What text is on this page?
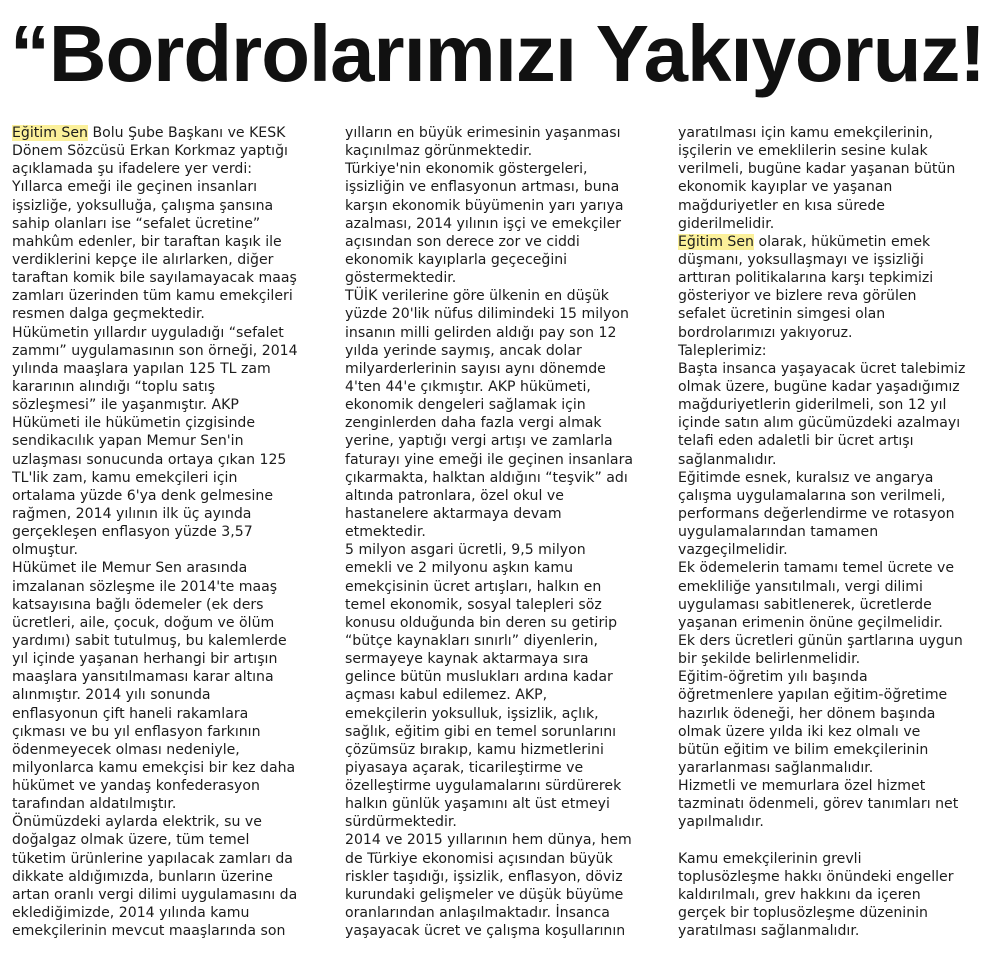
“Bordrolarımızı Yakıyoruz!
Eğitim Sen Bolu Şube Başkanı ve KESK
Dönem Sözcüsü Erkan Korkmaz yaptığı
açıklamada şu ifadelere yer verdi:
Yıllarca emeği ile geçinen insanları
işsizliğe, yoksulluğa, çalışma şansına
sahip olanları ise “sefalet ücretine”
mahkûm edenler, bir taraftan kaşık ile
verdiklerini kepçe ile alırlarken, diğer
taraftan komik bile sayılamayacak maaş
zamları üzerinden tüm kamu emekçileri
resmen dalga geçmektedir.
Hükümetin yıllardır uyguladığı “sefalet
zammı” uygulamasının son örneği, 2014
yılında maaşlara yapılan 125 TL zam
kararının alındığı “toplu satış
sözleşmesi” ile yaşanmıştır. AKP
Hükümeti ile hükümetin çizgisinde
sendikacılık yapan Memur Sen'in
uzlaşması sonucunda ortaya çıkan 125
TL'lik zam, kamu emekçileri için
ortalama yüzde 6'ya denk gelmesine
rağmen, 2014 yılının ilk üç ayında
gerçekleşen enflasyon yüzde 3,57
olmuştur.
Hükümet ile Memur Sen arasında
imzalanan sözleşme ile 2014'te maaş
katsayısına bağlı ödemeler (ek ders
ücretleri, aile, çocuk, doğum ve ölüm
yardımı) sabit tutulmuş, bu kalemlerde
yıl içinde yaşanan herhangi bir artışın
maaşlara yansıtılmaması karar altına
alınmıştır. 2014 yılı sonunda
enflasyonun çift haneli rakamlara
çıkması ve bu yıl enflasyon farkının
ödenmeyecek olması nedeniyle,
milyonlarca kamu emekçisi bir kez daha
hükümet ve yandaş konfederasyon
tarafından aldatılmıştır.
Önümüzdeki aylarda elektrik, su ve
doğalgaz olmak üzere, tüm temel
tüketim ürünlerine yapılacak zamları da
dikkate aldığımızda, bunların üzerine
artan oranlı vergi dilimi uygulamasını da
eklediğimizde, 2014 yılında kamu
emekçilerinin mevcut maaşlarında son
yılların en büyük erimesinin yaşanması
kaçınılmaz görünmektedir.
Türkiye'nin ekonomik göstergeleri,
işsizliğin ve enflasyonun artması, buna
karşın ekonomik büyümenin yarı yarıya
azalması, 2014 yılının işçi ve emekçiler
açısından son derece zor ve ciddi
ekonomik kayıplarla geçeceğini
göstermektedir.
TÜİK verilerine göre ülkenin en düşük
yüzde 20'lik nüfus dilimindeki 15 milyon
insanın milli gelirden aldığı pay son 12
yılda yerinde saymış, ancak dolar
milyarderlerinin sayısı aynı dönemde
4'ten 44'e çıkmıştır. AKP hükümeti,
ekonomik dengeleri sağlamak için
zenginlerden daha fazla vergi almak
yerine, yaptığı vergi artışı ve zamlarla
faturayı yine emeği ile geçinen insanlara
çıkarmakta, halktan aldığını “teşvik” adı
altında patronlara, özel okul ve
hastanelere aktarmaya devam
etmektedir.
5 milyon asgari ücretli, 9,5 milyon
emekli ve 2 milyonu aşkın kamu
emekçisinin ücret artışları, halkın en
temel ekonomik, sosyal talepleri söz
konusu olduğunda bin deren su getirip
“bütçe kaynakları sınırlı” diyenlerin,
sermayeye kaynak aktarmaya sıra
gelince bütün muslukları ardına kadar
açması kabul edilemez. AKP,
emekçilerin yoksulluk, işsizlik, açlık,
sağlık, eğitim gibi en temel sorunlarını
çözümsüz bırakıp, kamu hizmetlerini
piyasaya açarak, ticarileştirme ve
özelleştirme uygulamalarını sürdürerek
halkın günlük yaşamını alt üst etmeyi
sürdürmektedir.
2014 ve 2015 yıllarının hem dünya, hem
de Türkiye ekonomisi açısından büyük
riskler taşıdığı, işsizlik, enflasyon, döviz
kurundaki gelişmeler ve düşük büyüme
oranlarından anlaşılmaktadır. İnsanca
yaşayacak ücret ve çalışma koşullarının
yaratılması için kamu emekçilerinin,
işçilerin ve emeklilerin sesine kulak
verilmeli, bugüne kadar yaşanan bütün
ekonomik kayıplar ve yaşanan
mağduriyetler en kısa sürede
giderilmelidir.
Eğitim Sen olarak, hükümetin emek
düşmanı, yoksullaşmayı ve işsizliği
arttıran politikalarına karşı tepkimizi
gösteriyor ve bizlere reva görülen
sefalet ücretinin simgesi olan
bordrolarımızı yakıyoruz.
Taleplerimiz:
Başta insanca yaşayacak ücret talebimiz
olmak üzere, bugüne kadar yaşadığımız
mağduriyetlerin giderilmeli, son 12 yıl
içinde satın alım gücümüzdeki azalmayı
telafi eden adaletli bir ücret artışı
sağlanmalıdır.
Eğitimde esnek, kuralsız ve angarya
çalışma uygulamalarına son verilmeli,
performans değerlendirme ve rotasyon
uygulamalarından tamamen
vazgeçilmelidir.
Ek ödemelerin tamamı temel ücrete ve
emekliliğe yansıtılmalı, vergi dilimi
uygulaması sabitlenerek, ücretlerde
yaşanan erimenin önüne geçilmelidir.
Ek ders ücretleri günün şartlarına uygun
bir şekilde belirlenmelidir.
Eğitim-öğretim yılı başında
öğretmenlere yapılan eğitim-öğretime
hazırlık ödeneği, her dönem başında
olmak üzere yılda iki kez olmalı ve
bütün eğitim ve bilim emekçilerinin
yararlanması sağlanmalıdır.
Hizmetli ve memurlara özel hizmet
tazminatı ödenmeli, görev tanımları net
yapılmalıdır.
Kamu emekçilerinin grevli
toplusözleşme hakkı önündeki engeller
kaldırılmalı, grev hakkını da içeren
gerçek bir toplusözleşme düzeninin
yaratılması sağlanmalıdır.
